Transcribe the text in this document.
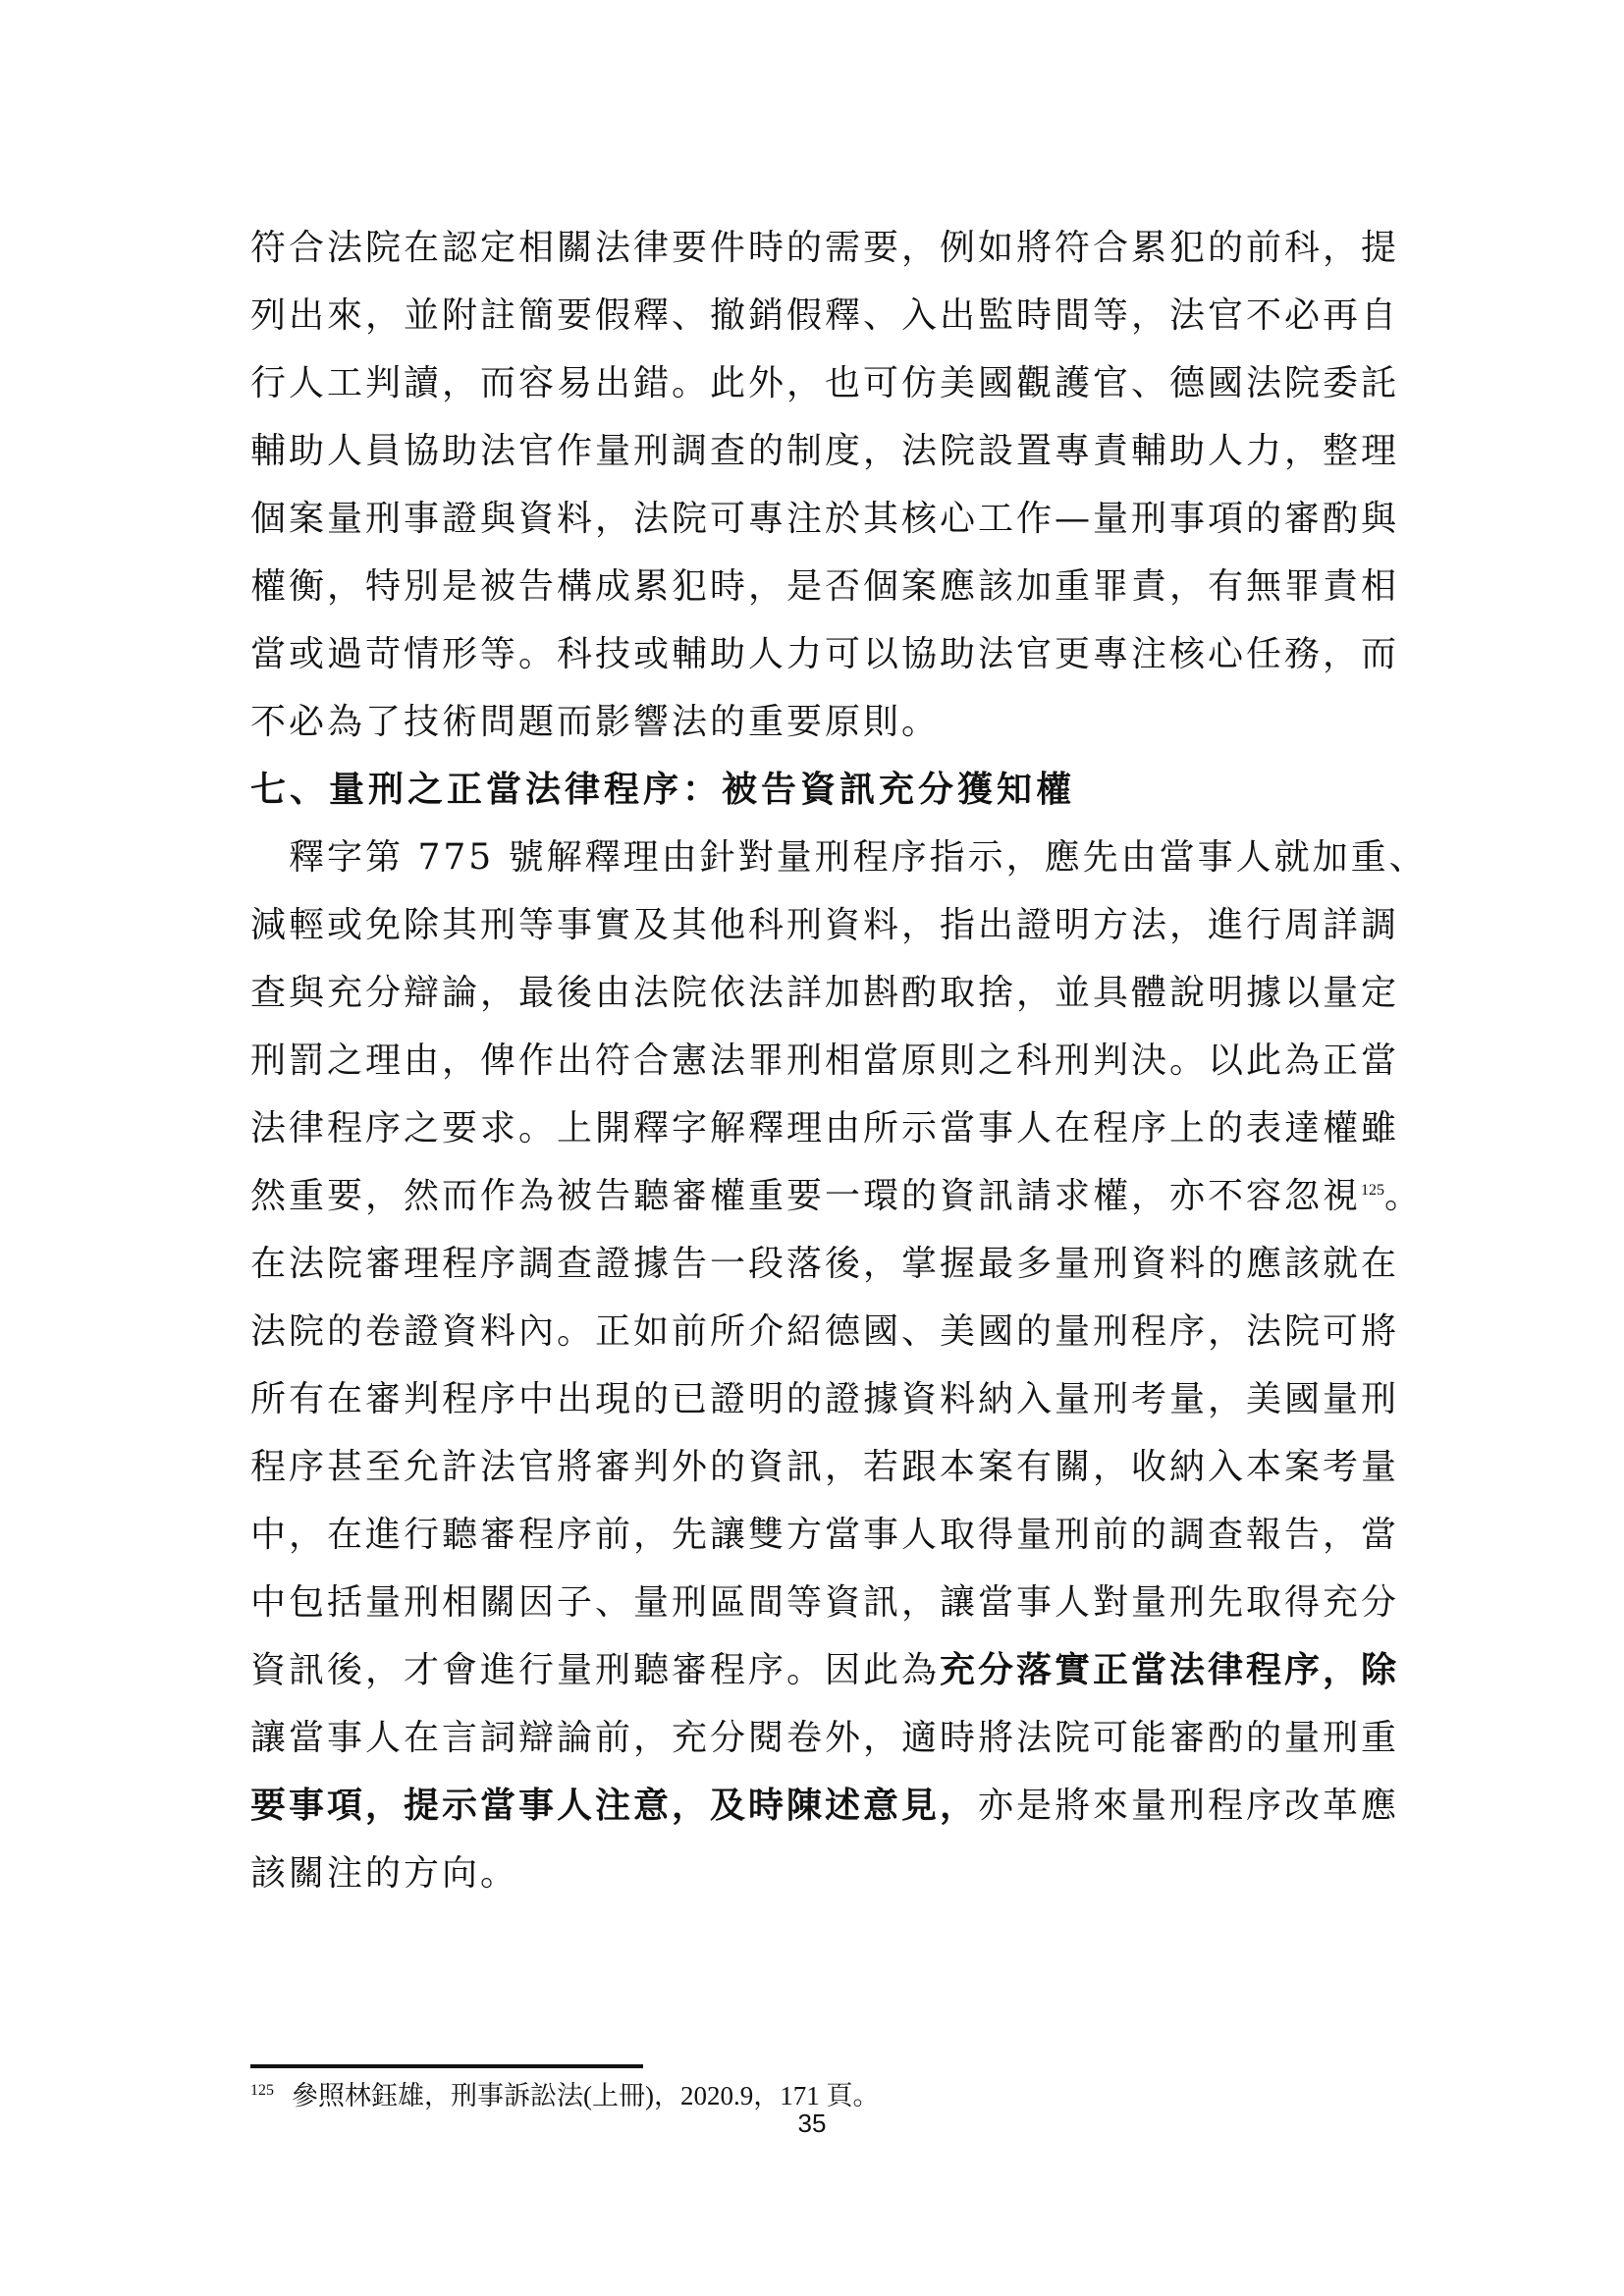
符合法院在認定相關法律要件時的需要，例如將符合累犯的前科，提
列出來，並附註簡要假釋、撤銷假釋、入出監時間等，法官不必再自
行人工判讀，而容易出錯。此外，也可仿美國觀護官、德國法院委託
輔助人員協助法官作量刑調查的制度，法院設置專責輔助人力，整理
個案量刑事證與資料，法院可專注於其核心工作—量刑事項的審酌與
權衡，特別是被告構成累犯時，是否個案應該加重罪責，有無罪責相
當或過苛情形等。科技或輔助人力可以協助法官更專注核心任務，而
不必為了技術問題而影響法的重要原則。
七、量刑之正當法律程序：被告資訊充分獲知權
　釋字第 775 號解釋理由針對量刑程序指示，應先由當事人就加重、
減輕或免除其刑等事實及其他科刑資料，指出證明方法，進行周詳調
查與充分辯論，最後由法院依法詳加斟酌取捨，並具體說明據以量定
刑罰之理由，俾作出符合憲法罪刑相當原則之科刑判決。以此為正當
法律程序之要求。上開釋字解釋理由所示當事人在程序上的表達權雖
然重要，然而作為被告聽審權重要一環的資訊請求權，亦不容忽視$^{125}$。
在法院審理程序調查證據告一段落後，掌握最多量刑資料的應該就在
法院的卷證資料內。正如前所介紹德國、美國的量刑程序，法院可將
所有在審判程序中出現的已證明的證據資料納入量刑考量，美國量刑
程序甚至允許法官將審判外的資訊，若跟本案有關，收納入本案考量
中，在進行聽審程序前，先讓雙方當事人取得量刑前的調查報告，當
中包括量刑相關因子、量刑區間等資訊，讓當事人對量刑先取得充分
資訊後，才會進行量刑聽審程序。因此為充分落實正當法律程序，除
讓當事人在言詞辯論前，充分閱卷外，適時將法院可能審酌的量刑重
要事項，提示當事人注意，及時陳述意見，亦是將來量刑程序改革應
該關注的方向。
$^{125}$ 參照林鈺雄，刑事訴訟法(上冊)，2020.9，171 頁。
35
